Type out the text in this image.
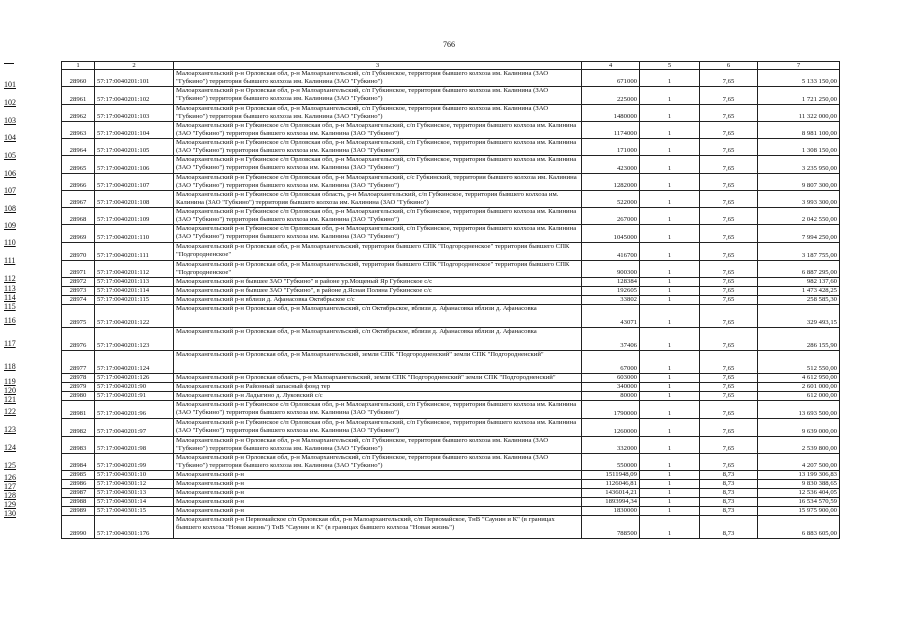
766
101
102
103
104
105
106
107
108
109
110
111
112
113
114
115
116
117
118
119
120
121
122
123
124
125
126
127
128
129
130
1	2	3	4	5	6	7
28960	57:17:0040201:101	Малоархангельский р-н Орловская обл, р-н Малоархангельский, с/п Губкинское, территория бывшего колхоза им. Калинина (ЗАО "Губкино") территория бывшего колхоза им. Калинина (ЗАО "Губкино")	671000	1	7,65	5 133 150,00
28961	57:17:0040201:102	Малоархангельский р-н Орловская обл, р-н Малоархангельский, с/п Губкинское, территория бывшего колхоза им. Калинина (ЗАО "Губкино") территория бывшего колхоза им. Калинина (ЗАО "Губкино")	225000	1	7,65	1 721 250,00
28962	57:17:0040201:103	Малоархангельский р-н Орловская обл, р-н Малоархангельский, с/п Губкинское, территория бывшего колхоза им. Калинина (ЗАО "Губкино") территория бывшего колхоза им. Калинина (ЗАО "Губкино")	1480000	1	7,65	11 322 000,00
28963	57:17:0040201:104	Малоархангельский р-н Губкинское с/п Орловская обл, р-н Малоархангельский, с/п Губкинское, территория бывшего колхоза им. Калинина (ЗАО "Губкино") территория бывшего колхоза им. Калинина (ЗАО "Губкино")	1174000	1	7,65	8 981 100,00
28964	57:17:0040201:105	Малоархангельский р-н Губкинское с/п Орловская обл, р-н Малоархангельский, с/п Губкинское, территория бывшего колхоза им. Калинина (ЗАО "Губкино") территория бывшего колхоза им. Калинина (ЗАО "Губкино")	171000	1	7,65	1 308 150,00
28965	57:17:0040201:106	Малоархангельский р-н Губкинское с/п Орловская обл, р-н Малоархангельский, с/п Губкинское, территория бывшего колхоза им. Калинина (ЗАО "Губкино") территория бывшего колхоза им. Калинина (ЗАО "Губкино")	423000	1	7,65	3 235 950,00
28966	57:17:0040201:107	Малоархангельский р-н Губкинское с/п Орловская обл, р-н Малоархангельский, с/с Губкинский, территория бывшего колхоза им. Калинина (ЗАО "Губкино") территория бывшего колхоза им. Калинина (ЗАО "Губкино")	1282000	1	7,65	9 807 300,00
28967	57:17:0040201:108	Малоархангельский р-н Губкинское с/п Орловская область, р-н Малоархангельский, с/п Губкинское, территория бывшего колхоза им. Калинина (ЗАО "Губкино") территория бывшего колхоза им. Калинина (ЗАО "Губкино")	522000	1	7,65	3 993 300,00
28968	57:17:0040201:109	Малоархангельский р-н Губкинское с/п Орловская обл, р-н Малоархангельский, с/п Губкинское, территория бывшего колхоза им. Калинина (ЗАО "Губкино") территория бывшего колхоза им. Калинина (ЗАО "Губкино")	267000	1	7,65	2 042 550,00
28969	57:17:0040201:110	Малоархангельский р-н Губкинское с/п Орловская обл, р-н Малоархангельский, с/п Губкинское, территория бывшего колхоза им. Калинина (ЗАО "Губкино") территория бывшего колхоза им. Калинина (ЗАО "Губкино")	1045000	1	7,65	7 994 250,00
28970	57:17:0040201:111	Малоархангельский р-н Орловская обл, р-н Малоархангельский, территория бывшего СПК "Подгородненское" территория бывшего СПК "Подгородненское"	416700	1	7,65	3 187 755,00
28971	57:17:0040201:112	Малоархангельский р-н Орловская обл, р-н Малоархангельский, территория бывшего СПК "Подгородненское" территория бывшего СПК "Подгородненское"	900300	1	7,65	6 887 295,00
28972	57:17:0040201:113	Малоархангельский р-н бывшее ЗАО "Губкино" в районе ур.Мощеный Яр Губкинское с/с	128384	1	7,65	982 137,60
28973	57:17:0040201:114	Малоархангельский р-н бывшее ЗАО "Губкино", в районе д.Ясная Поляна Губкинское с/с	192605	1	7,65	1 473 428,25
28974	57:17:0040201:115	Малоархангельский р-н вблизи д. Афанасовка Октябрьское с/с	33802	1	7,65	258 585,30
28975	57:17:0040201:122	Малоархангельский р-н Орловская обл, р-н Малоархангельский, с/п Октябрьское, вблизи д. Афанасовка вблизи д. Афанасовка	43071	1	7,65	329 493,15
28976	57:17:0040201:123	Малоархангельский р-н Орловская обл, р-н Малоархангельский, с/п Октябрьское, вблизи д. Афанасовка вблизи д. Афанасовка	37406	1	7,65	286 155,90
28977	57:17:0040201:124	Малоархангельский р-н Орловская обл, р-н Малоархангельский, земли СПК "Подгородненский" земли СПК "Подгородненский"	67000	1	7,65	512 550,00
28978	57:17:0040201:126	Малоархангельский р-н Орловская область, р-н Малоархангельский, земли СПК "Подгородненский" земли СПК "Подгородненский"	603000	1	7,65	4 612 950,00
28979	57:17:0040201:90	Малоархангельский р-н Районный запасный фонд тер	340000	1	7,65	2 601 000,00
28980	57:17:0040201:91	Малоархангельский р-н Ладыгино д. Луковский с/с	80000	1	7,65	612 000,00
28981	57:17:0040201:96	Малоархангельский р-н Губкинское с/п Орловская обл, р-н Малоархангельский, с/п Губкинское, территория бывшего колхоза им. Калинина (ЗАО "Губкино") территория бывшего колхоза им. Калинина (ЗАО "Губкино")	1790000	1	7,65	13 693 500,00
28982	57:17:0040201:97	Малоархангельский р-н Губкинское с/п Орловская обл, р-н Малоархангельский, с/п Губкинское, территория бывшего колхоза им. Калинина (ЗАО "Губкино") территория бывшего колхоза им. Калинина (ЗАО "Губкино")	1260000	1	7,65	9 639 000,00
28983	57:17:0040201:98	Малоархангельский р-н Орловская обл, р-н Малоархангельский, с/п Губкинское, территория бывшего колхоза им. Калинина (ЗАО "Губкино") территория бывшего колхоза им. Калинина (ЗАО "Губкино")	332000	1	7,65	2 539 800,00
28984	57:17:0040201:99	Малоархангельский р-н Орловская обл, р-н Малоархангельский, с/п Губкинское, территория бывшего колхоза им. Калинина (ЗАО "Губкино") территория бывшего колхоза им. Калинина (ЗАО "Губкино")	550000	1	7,65	4 207 500,00
28985	57:17:0040301:10	Малоархангельский р-н	1511948,09	1	8,73	13 199 306,83
28986	57:17:0040301:12	Малоархангельский р-н	1126046,81	1	8,73	9 830 388,65
28987	57:17:0040301:13	Малоархангельский р-н	1436014,21	1	8,73	12 536 404,05
28988	57:17:0040301:14	Малоархангельский р-н	1893994,34	1	8,73	16 534 570,59
28989	57:17:0040301:15	Малоархангельский р-н	1830000	1	8,73	15 975 900,00
28990	57:17:0040301:176	Малоархангельский р-н Первомайское с/п Орловская обл, р-н Малоархангельский, с/п Первомайское, ТнВ "Саунин и К" (в границах бывшего колхоза "Новая жизнь") ТнВ "Саунин и К" (в границах бывшего колхоза "Новая жизнь")	788500	1	8,73	6 883 605,00
